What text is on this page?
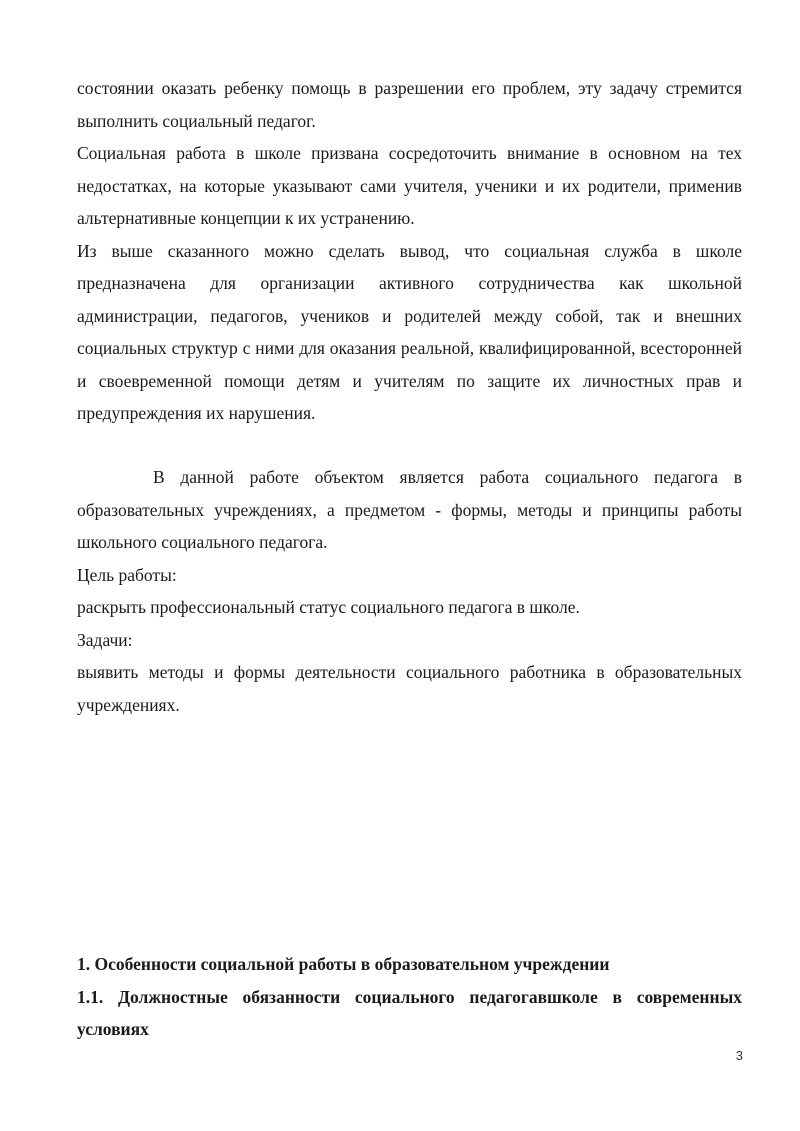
состоянии оказать ребенку помощь в разрешении его проблем, эту задачу стремится выполнить социальный педагог.

Социальная работа в школе призвана сосредоточить внимание в основном на тех недостатках, на которые указывают сами учителя, ученики и их родители, применив альтернативные концепции к их устранению.

Из выше сказанного можно сделать вывод, что социальная служба в школе предназначена для организации активного сотрудничества как школьной администрации, педагогов, учеников и родителей между собой, так и внешних социальных структур с ними для оказания реальной, квалифицированной, всесторонней и своевременной помощи детям и учителям по защите их личностных прав и предупреждения их нарушения.

В данной работе объектом является работа социального педагога в образовательных учреждениях, а предметом - формы, методы и принципы работы школьного социального педагога.

Цель работы:

раскрыть профессиональный статус социального педагога в школе.

Задачи:

выявить методы и формы деятельности социального работника в образовательных учреждениях.

1. Особенности социальной работы в образовательном учреждении

1.1. Должностные обязанности социального педагогавшколе в современных условиях

3
